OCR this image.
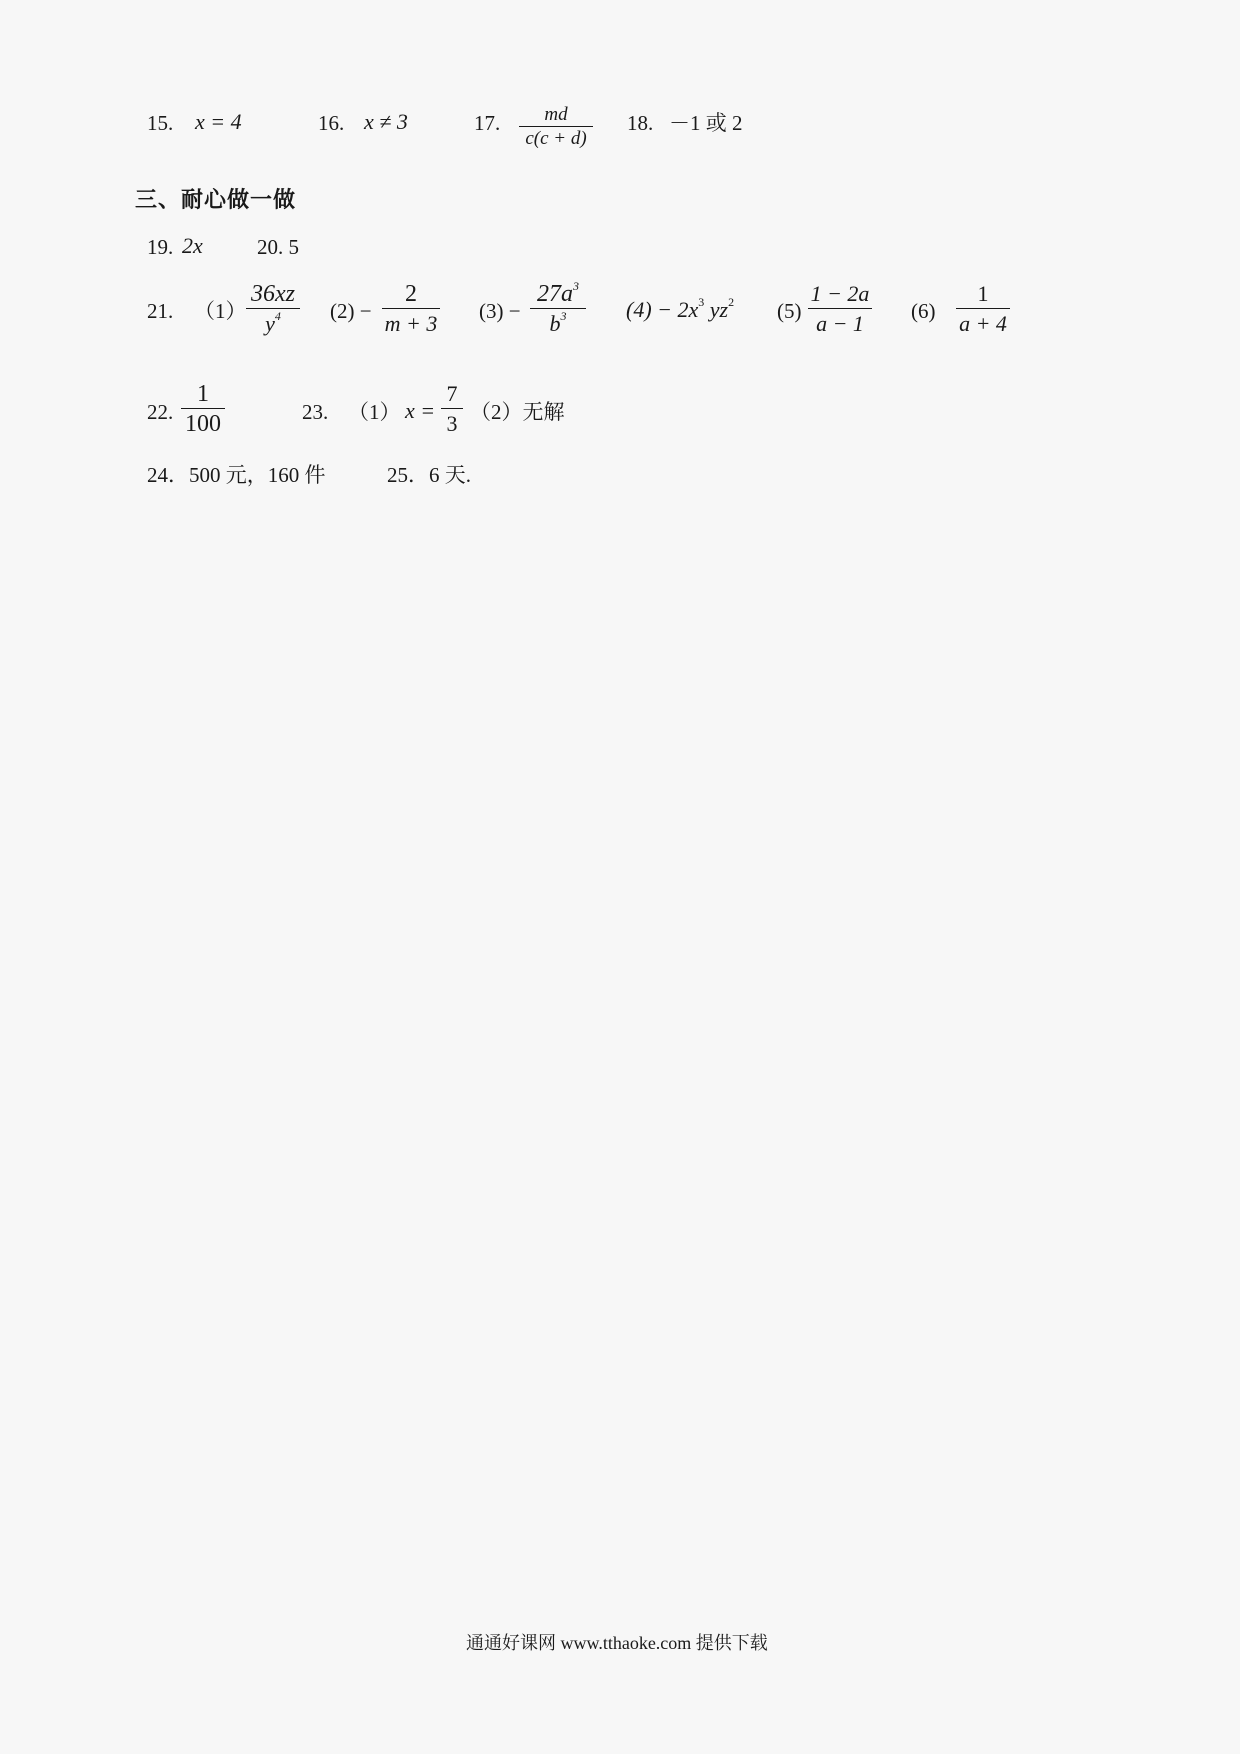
15. x = 4	16. x ≠ 3	17.	md
c(c + d)
18. －1 或 2
三、耐心做一做
19. 2x	20. 5
21. （1）
36xz
$y^4$	(2) −
2
m + 3 (3) −
$27a^3$
$b^3$	$(4) - 2x^3$ $yz^2$ (5)
1 − 2a
a − 1	(6)
1
a + 4
22.
1
100	23. （1） x =
7
3 （2）无解
24．500 元，160 件	25．6 天.
通通好课网 www.tthaoke.com 提供下载
